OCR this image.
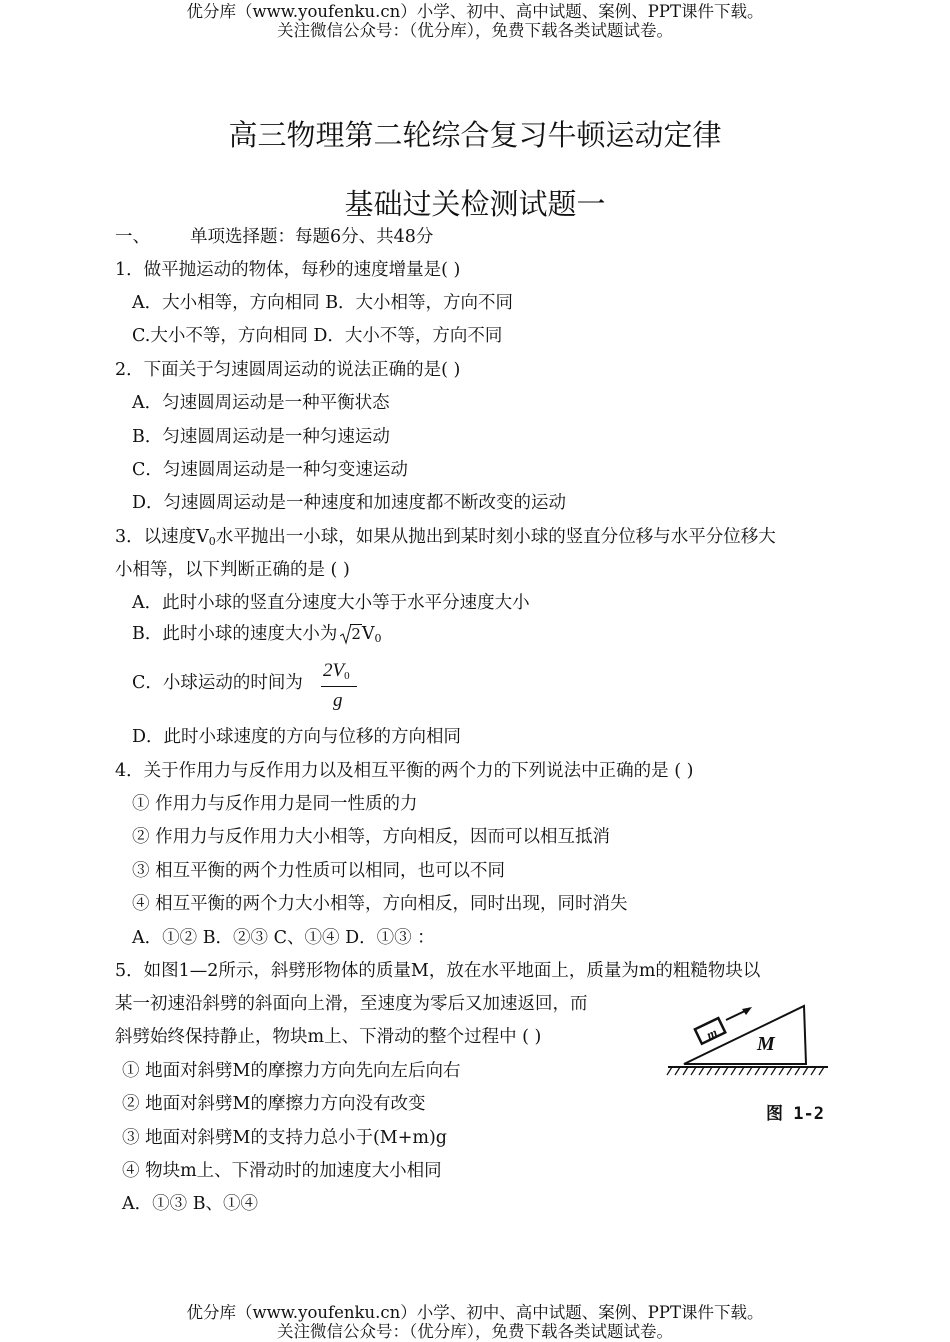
优分库（www.youfenku.cn）小学、初中、高中试题、案例、PPT课件下载。
关注微信公众号：（优分库），免费下载各类试题试卷。
高三物理第二轮综合复习牛顿运动定律
基础过关检测试题一
一、 单项选择题：每题6分、共48分
1．做平抛运动的物体，每秒的速度增量是( )
A．大小相等，方向相同 B．大小相等，方向不同
C.大小不等，方向相同 D．大小不等，方向不同
2．下面关于匀速圆周运动的说法正确的是( )
A．匀速圆周运动是一种平衡状态
B．匀速圆周运动是一种匀速运动
C．匀速圆周运动是一种匀变速运动
D．匀速圆周运动是一种速度和加速度都不断改变的运动
3．以速度$V_0$水平抛出一小球，如果从抛出到某时刻小球的竖直分位移与水平分位移大
小相等，以下判断正确的是 ( )
A．此时小球的竖直分速度大小等于水平分速度大小
B．此时小球的速度大小为 $2V_0$
C．小球运动的时间为
$2V_0$
g
D．此时小球速度的方向与位移的方向相同
4．关于作用力与反作用力以及相互平衡的两个力的下列说法中正确的是 ( )
① 作用力与反作用力是同一性质的力
② 作用力与反作用力大小相等，方向相反，因而可以相互抵消
③ 相互平衡的两个力性质可以相同，也可以不同
④ 相互平衡的两个力大小相等，方向相反，同时出现，同时消失
A．①② B．②③ C、①④ D．①③ ：
5．如图1—2所示，斜劈形物体的质量M，放在水平地面上，质量为m的粗糙物块以
某一初速沿斜劈的斜面向上滑，至速度为零后又加速返回，而
斜劈始终保持静止，物块m上、下滑动的整个过程中 ( )
① 地面对斜劈M的摩擦力方向先向左后向右
② 地面对斜劈M的摩擦力方向没有改变
③ 地面对斜劈M的支持力总小于(M+m)g
④ 物块m上、下滑动时的加速度大小相同
A．①③ B、①④
m M
图 1-2
优分库（www.youfenku.cn）小学、初中、高中试题、案例、PPT课件下载。
关注微信公众号：（优分库），免费下载各类试题试卷。
